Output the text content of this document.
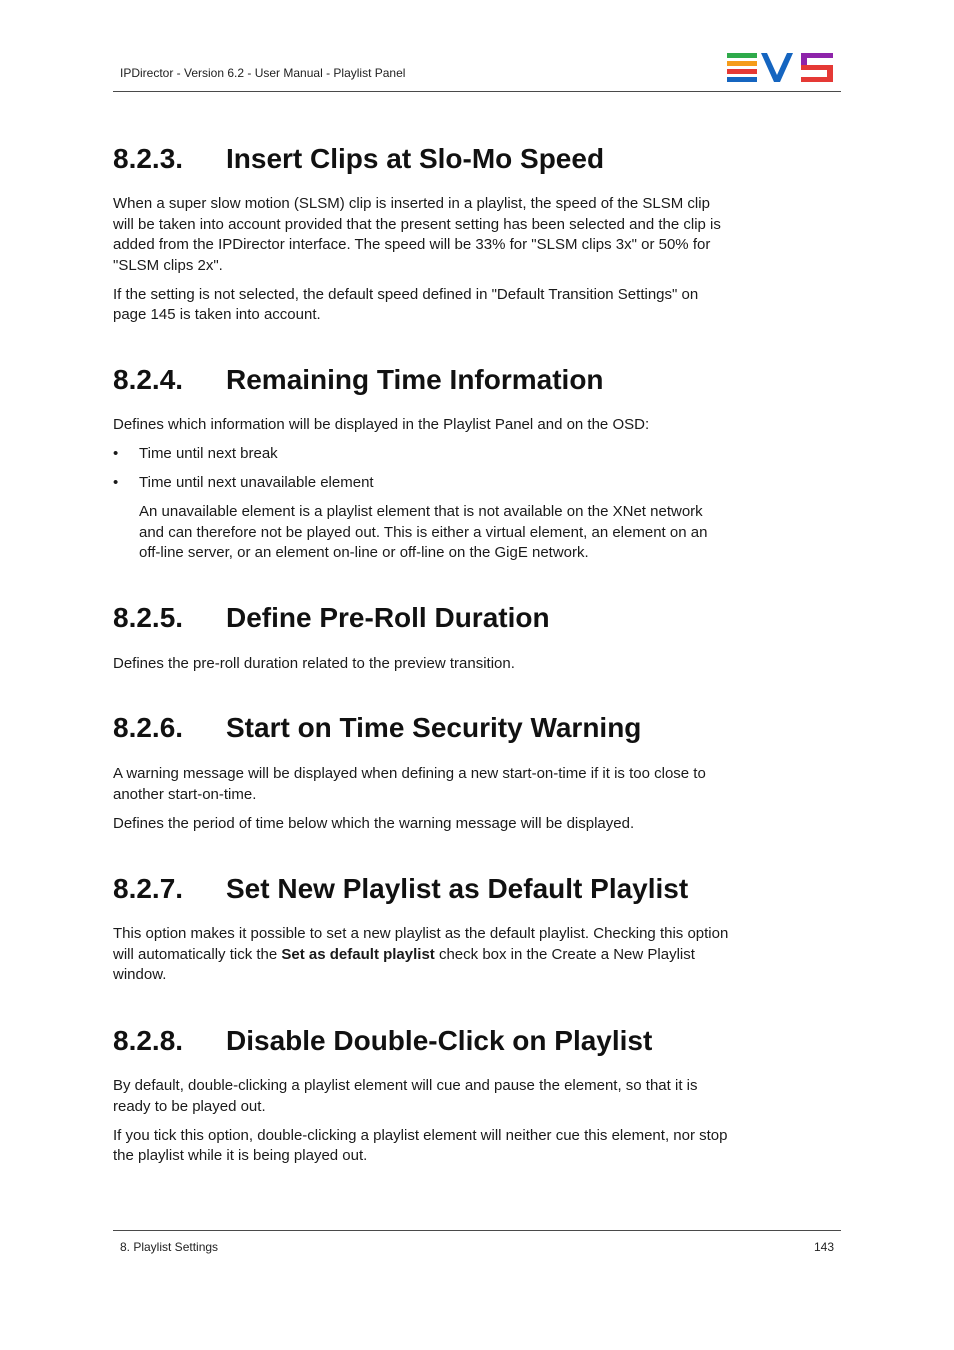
IPDirector - Version 6.2 - User Manual - Playlist Panel
8.2.3. Insert Clips at Slo-Mo Speed

When a super slow motion (SLSM) clip is inserted in a playlist, the speed of the SLSM clip will be taken into account provided that the present setting has been selected and the clip is added from the IPDirector interface. The speed will be 33% for "SLSM clips 3x" or 50% for "SLSM clips 2x".

If the setting is not selected, the default speed defined in "Default Transition Settings" on page 145 is taken into account.

8.2.4. Remaining Time Information

Defines which information will be displayed in the Playlist Panel and on the OSD:

• Time until next break
• Time until next unavailable element
An unavailable element is a playlist element that is not available on the XNet network and can therefore not be played out. This is either a virtual element, an element on an off-line server, or an element on-line or off-line on the GigE network.
8.2.5. Define Pre-Roll Duration

Defines the pre-roll duration related to the preview transition.

8.2.6. Start on Time Security Warning

A warning message will be displayed when defining a new start-on-time if it is too close to another start-on-time.

Defines the period of time below which the warning message will be displayed.

8.2.7. Set New Playlist as Default Playlist

This option makes it possible to set a new playlist as the default playlist. Checking this option will automatically tick the Set as default playlist check box in the Create a New Playlist window.

8.2.8. Disable Double-Click on Playlist

By default, double-clicking a playlist element will cue and pause the element, so that it is ready to be played out.

If you tick this option, double-clicking a playlist element will neither cue this element, nor stop the playlist while it is being played out.

8. Playlist Settings	143
